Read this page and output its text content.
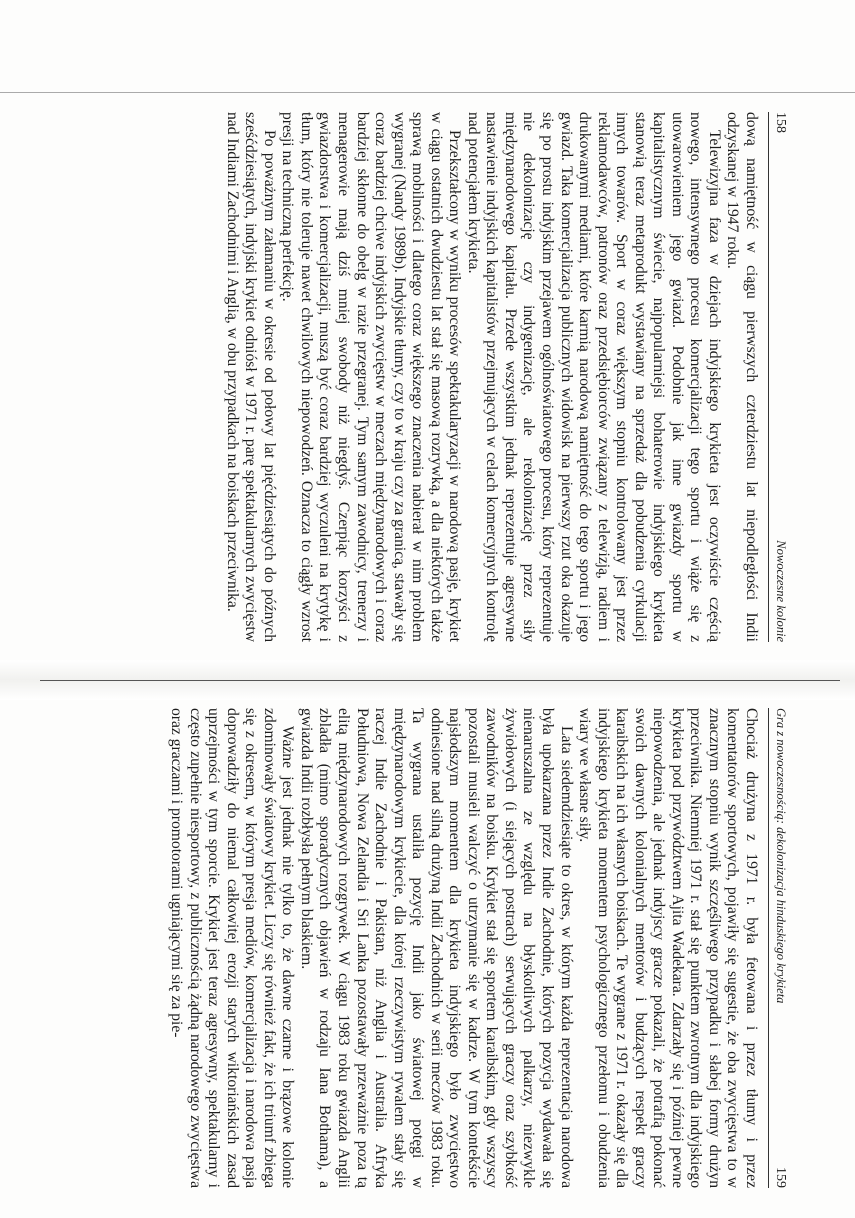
158
Nowoczesne kolonie

dową namiętność w ciągu pierwszych czterdziestu lat niepodległości Indii odzyskanej w 1947 roku.

Telewizyjna faza w dziejach indyjskiego krykieta jest oczywiście częścią nowego, intensywnego procesu komercjalizacji tego sportu i wiąże się z utowarowieniem jego gwiazd. Podobnie jak inne gwiazdy sportu w kapitalistycznym świecie, najpopularniejsi bohaterowie indyjskiego krykieta stanowią teraz metaprodukt wystawiany na sprzedaż dla pobudzenia cyrkulacji innych towarów. Sport w coraz większym stopniu kontrolowany jest przez reklamodawców, patronów oraz przedsiębiorców związany z telewizją, radiem i drukowanymi mediami, które karmią narodową namiętność do tego sportu i jego gwiazd. Taka komercjalizacja publicznych widowisk na pierwszy rzut oka okazuje się po prostu indyjskim przejawem ogólnoświatowego procesu, który reprezentuje nie dekolonizację czy indygenizację, ale rekolonizację przez siły międzynarodowego kapitału. Przede wszystkim jednak reprezentuje agresywne nastawienie indyjskich kapitalistów przejmujących w celach komercyjnych kontrolę nad potencjałem krykieta.

Przekształcony w wyniku procesów spektakularyzacji w narodową pasję, krykiet w ciągu ostatnich dwudziestu lat stał się masową rozrywką, a dla niektórych także sprawą mobilności i dlatego coraz większego znaczenia nabierał w nim problem wygranej (Nandy 1989b). Indyjskie tłumy, czy to w kraju czy za granicą, stawały się coraz bardziej chciwe indyjskich zwycięstw w meczach międzynarodowych i coraz bardziej skłonne do obelg w razie przegranej. Tym samym zawodnicy, trenerzy i menagerowie mają dziś mniej swobody niż niegdyś. Czerpiąc korzyści z gwiazdorstwa i komercjalizacji, muszą być coraz bardziej wyczuleni na krytykę i tłum, który nie toleruje nawet chwilowych niepowodzeń. Oznacza to ciągły wzrost presji na techniczną perfekcję.

Po poważnym załamaniu w okresie od połowy lat pięćdziesiątych do późnych sześćdziesiątych, indyjski krykiet odniósł w 1971 r. parę spektakularnych zwycięstw nad Indiami Zachodnimi i Anglią, w obu przypadkach na boiskach przeciwnika.

Gra z nowoczesnością: dekolonizacja hinduskiego krykieta
159

Chociaż drużyna z 1971 r. była fetowana i przez tłumy i przez komentatorów sportowych, pojawiły się sugestie, że oba zwycięstwa to w znacznym stopniu wynik szczęśliwego przypadku i słabej formy drużyn przeciwnika. Niemniej 1971 r. stał się punktem zwrotnym dla indyjskiego krykieta pod przywództwem Ajita Wadekara. Zdarzały się i później pewne niepowodzenia, ale jednak indyjscy gracze pokazali, że potrafią pokonać swoich dawnych kolonialnych mentorów i budzących respekt graczy karaibskich na ich własnych boiskach. Te wygrane z 1971 r. okazały się dla indyjskiego krykieta momentem psychologicznego przełomu i obudzenia wiary we własne siły.

Lata siedemdziesiąte to okres, w którym każda reprezentacja narodowa była upokarzana przez Indie Zachodnie, których pozycja wydawała się nienaruszalna ze względu na błyskotliwych palkarzy, niezwykle żywiołowych (i siejących postrach) serwujących graczy oraz szybkość zawodników na boisku. Krykiet stał się sportem karaibskim, gdy wszyscy pozostali musieli walczyć o utrzymanie się w kadrze. W tym kontekście najsłodszym momentem dla krykieta indyjskiego było zwycięstwo odniesione nad silną drużyną Indii Zachodnich w serii meczów 1983 roku. Ta wygrana ustaliła pozycję Indii jako światowej potęgi w międzynarodowym krykiecie, dla której rzeczywistym rywalem stały się raczej Indie Zachodnie i Pakistan, niż Anglia i Australia. Afryka Południowa, Nowa Zelandia i Sri Lanka pozostawały przeważnie poza tą elitą międzynarodowych rozgrywek. W ciągu 1983 roku gwiazda Anglii zbladła (mimo sporadycznych objawień w rodzaju Iana Bothama), a gwiazda Indii rozbłysła pełnym blaskiem.

Ważne jest jednak nie tylko to, że dawne czarne i brązowe kolonie zdominowały światowy krykiet. Liczy się również fakt, że ich triumf zbiega się z okresem, w którym presja mediów, komercjalizacja i narodowa pasja doprowadziły do niemal całkowitej erozji starych wiktoriańskich zasad uprzejmości w tym sporcie. Krykiet jest teraz agresywny, spektakularny i często zupełnie niesportowy, z publicznością żądną narodowego zwycięstwa oraz graczami i promotorami ugniającymi się za pie-
